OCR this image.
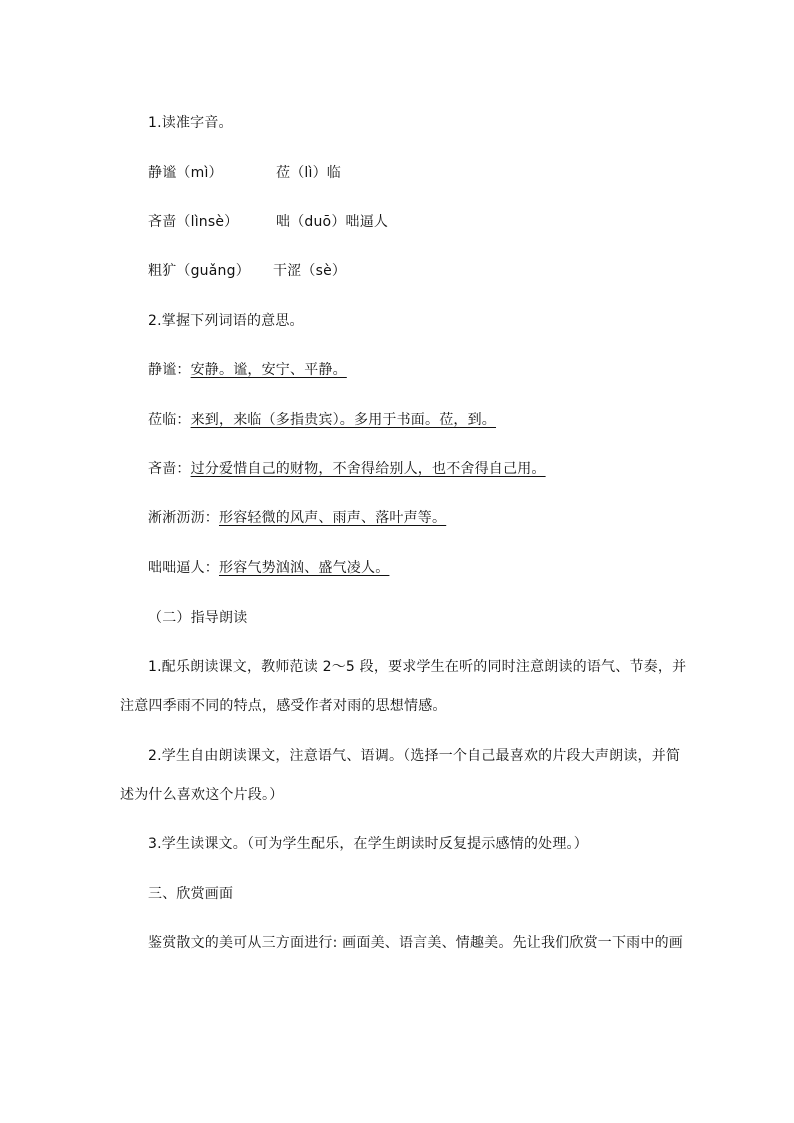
1.读准字音。
静谧（mì）	莅（lì）临
吝啬（lìnsè）	咄（duō）咄逼人
粗犷（guǎng） 干涩（sè）
2.掌握下列词语的意思。
静谧：安静。谧，安宁、平静。
莅临：来到，来临（多指贵宾）。多用于书面。莅，到。
吝啬：过分爱惜自己的财物，不舍得给别人，也不舍得自己用。
淅淅沥沥：形容轻微的风声、雨声、落叶声等。
咄咄逼人：形容气势汹汹、盛气凌人。
（二）指导朗读
1.配乐朗读课文，教师范读 2～5 段，要求学生在听的同时注意朗读的语气、节奏，并
注意四季雨不同的特点，感受作者对雨的思想情感。
2.学生自由朗读课文，注意语气、语调。（选择一个自己最喜欢的片段大声朗读，并简
述为什么喜欢这个片段。）
3.学生读课文。（可为学生配乐，在学生朗读时反复提示感情的处理。）
三、欣赏画面
鉴赏散文的美可从三方面进行: 画面美、语言美、情趣美。先让我们欣赏一下雨中的画
